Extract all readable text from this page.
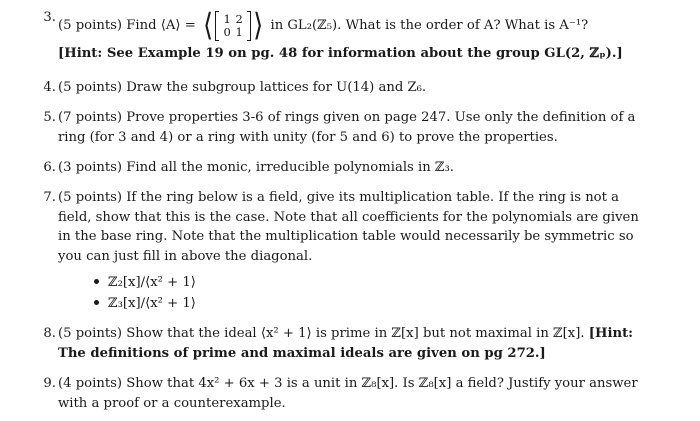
3.
(5 points) Find ⟨A⟩ = ⟨ 1 2
0 1 ⟩ in GL₂(ℤ₅). What is the order of A? What is A⁻¹?
[Hint: See Example 19 on pg. 48 for information about the group GL(2, ℤₚ).]
4. (5 points) Draw the subgroup lattices for U(14) and Z₆.
5. (7 points) Prove properties 3-6 of rings given on page 247. Use only the definition of a
ring (for 3 and 4) or a ring with unity (for 5 and 6) to prove the properties.
6. (3 points) Find all the monic, irreducible polynomials in ℤ₃.
7. (5 points) If the ring below is a field, give its multiplication table. If the ring is not a
field, show that this is the case. Note that all coefficients for the polynomials are given
in the base ring. Note that the multiplication table would necessarily be symmetric so
you can just fill in above the diagonal.
ℤ₂[x]/⟨x² + 1⟩
ℤ₃[x]/⟨x² + 1⟩
8. (5 points) Show that the ideal ⟨x² + 1⟩ is prime in ℤ[x] but not maximal in ℤ[x]. [Hint:
The definitions of prime and maximal ideals are given on pg 272.]
9. (4 points) Show that 4x² + 6x + 3 is a unit in ℤ₈[x]. Is ℤ₈[x] a field? Justify your answer
with a proof or a counterexample.
